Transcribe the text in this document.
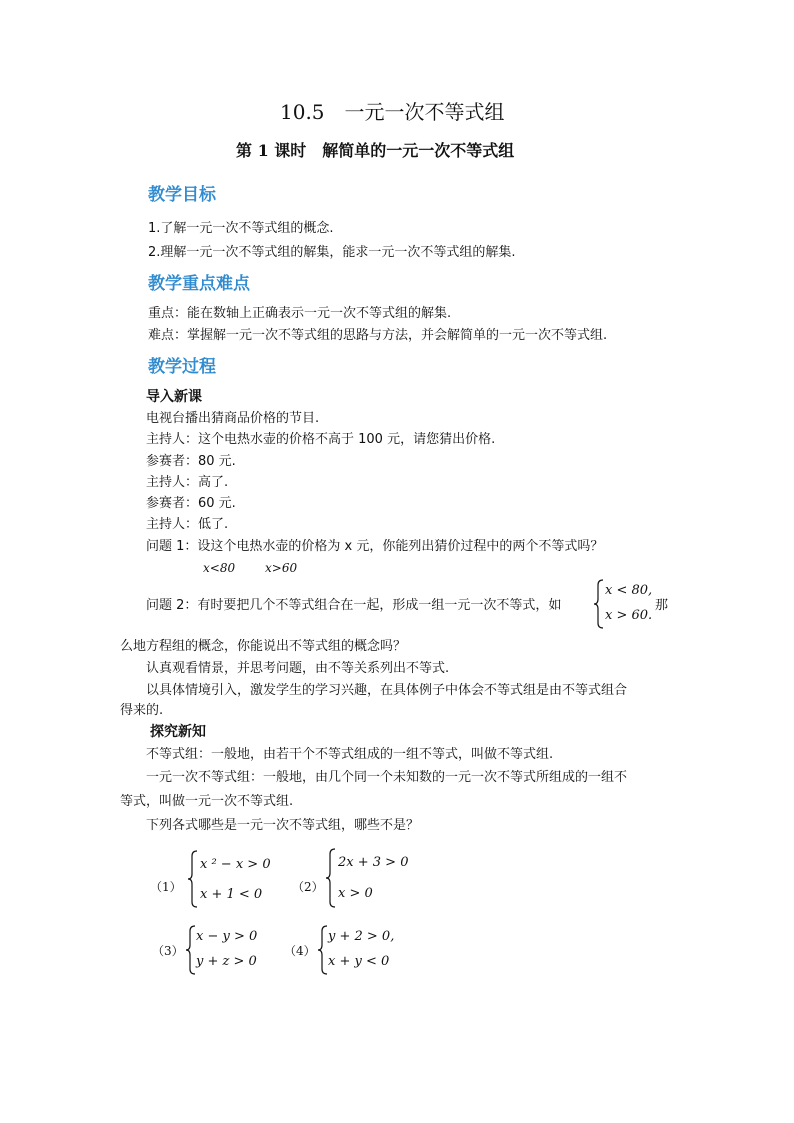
10.5　一元一次不等式组
第 1 课时　解简单的一元一次不等式组
教学目标
1.了解一元一次不等式组的概念.
2.理解一元一次不等式组的解集，能求一元一次不等式组的解集.
教学重点难点
重点：能在数轴上正确表示一元一次不等式组的解集.
难点：掌握解一元一次不等式组的思路与方法，并会解简单的一元一次不等式组.
教学过程
导入新课
电视台播出猜商品价格的节目.
主持人：这个电热水壶的价格不高于 100 元，请您猜出价格.
参赛者：80 元.
主持人：高了.
参赛者：60 元.
主持人：低了.
问题 1：设这个电热水壶的价格为 x 元，你能列出猜价过程中的两个不等式吗？
x<80 x>60
问题 2：有时要把几个不等式组合在一起，形成一组一元一次不等式，如
x < 80,
x > 60.
那
么地方程组的概念，你能说出不等式组的概念吗？
认真观看情景，并思考问题，由不等关系列出不等式.
以具体情境引入，激发学生的学习兴趣，在具体例子中体会不等式组是由不等式组合
得来的.
探究新知
不等式组：一般地，由若干个不等式组成的一组不等式，叫做不等式组.
一元一次不等式组：一般地，由几个同一个未知数的一元一次不等式所组成的一组不
等式，叫做一元一次不等式组.
下列各式哪些是一元一次不等式组，哪些不是？
（1）
x ² − x > 0
x + 1 < 0 （2）
2x + 3 > 0
x > 0
（3）
x − y > 0
y + z > 0
（4）
y + 2 > 0,
x + y < 0
